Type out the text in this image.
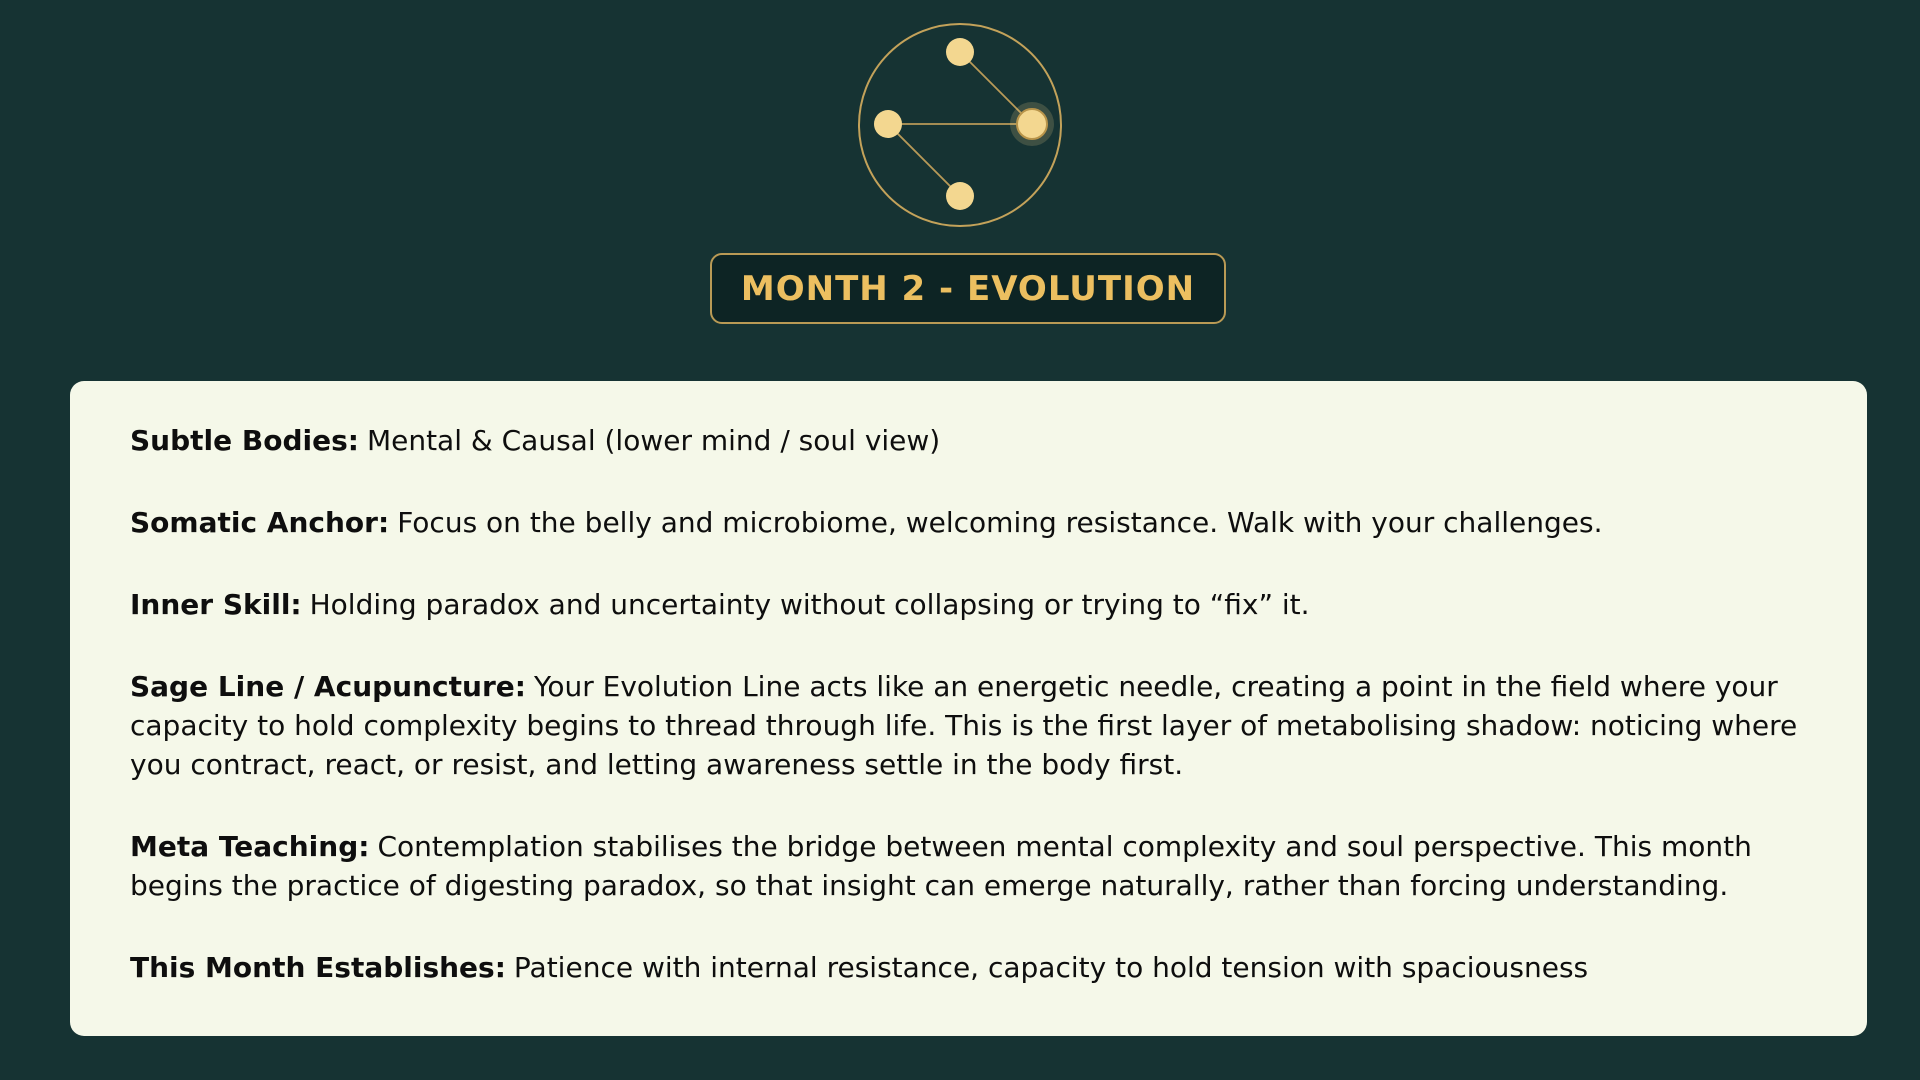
MONTH 2 - EVOLUTION

Subtle Bodies: Mental & Causal (lower mind / soul view)

Somatic Anchor: Focus on the belly and microbiome, welcoming resistance. Walk with your challenges.

Inner Skill: Holding paradox and uncertainty without collapsing or trying to “fix” it.

Sage Line / Acupuncture: Your Evolution Line acts like an energetic needle, creating a point in the field where your capacity to hold complexity begins to thread through life. This is the first layer of metabolising shadow: noticing where you contract, react, or resist, and letting awareness settle in the body first.

Meta Teaching: Contemplation stabilises the bridge between mental complexity and soul perspective. This month begins the practice of digesting paradox, so that insight can emerge naturally, rather than forcing understanding.

This Month Establishes: Patience with internal resistance, capacity to hold tension with spaciousness
